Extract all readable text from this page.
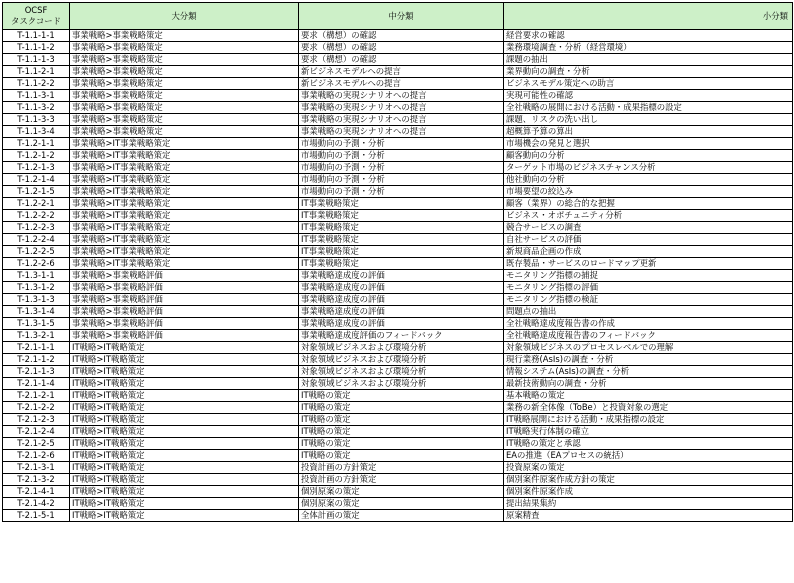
OCSF
タスクコード	大分類	中分類	小分類
T-1.1-1-1	事業戦略>事業戦略策定	要求（構想）の確認	経営要求の確認
T-1.1-1-2	事業戦略>事業戦略策定	要求（構想）の確認	業務環境調査・分析（経営環境）
T-1.1-1-3	事業戦略>事業戦略策定	要求（構想）の確認	課題の抽出
T-1.1-2-1	事業戦略>事業戦略策定	新ビジネスモデルへの提言	業界動向の調査・分析
T-1.1-2-2	事業戦略>事業戦略策定	新ビジネスモデルへの提言	ビジネスモデル策定への助言
T-1.1-3-1	事業戦略>事業戦略策定	事業戦略の実現シナリオへの提言	実現可能性の確認
T-1.1-3-2	事業戦略>事業戦略策定	事業戦略の実現シナリオへの提言	全社戦略の展開における活動・成果指標の設定
T-1.1-3-3	事業戦略>事業戦略策定	事業戦略の実現シナリオへの提言	課題、リスクの洗い出し
T-1.1-3-4	事業戦略>事業戦略策定	事業戦略の実現シナリオへの提言	超概算予算の算出
T-1.2-1-1	事業戦略>IT事業戦略策定	市場動向の予測・分析	市場機会の発見と選択
T-1.2-1-2	事業戦略>IT事業戦略策定	市場動向の予測・分析	顧客動向の分析
T-1.2-1-3	事業戦略>IT事業戦略策定	市場動向の予測・分析	ターゲット市場のビジネスチャンス分析
T-1.2-1-4	事業戦略>IT事業戦略策定	市場動向の予測・分析	他社動向の分析
T-1.2-1-5	事業戦略>IT事業戦略策定	市場動向の予測・分析	市場要望の絞込み
T-1.2-2-1	事業戦略>IT事業戦略策定	IT事業戦略策定	顧客（業界）の総合的な把握
T-1.2-2-2	事業戦略>IT事業戦略策定	IT事業戦略策定	ビジネス・オポチュニティ分析
T-1.2-2-3	事業戦略>IT事業戦略策定	IT事業戦略策定	競合サービスの調査
T-1.2-2-4	事業戦略>IT事業戦略策定	IT事業戦略策定	自社サービスの評価
T-1.2-2-5	事業戦略>IT事業戦略策定	IT事業戦略策定	新規商品企画の作成
T-1.2-2-6	事業戦略>IT事業戦略策定	IT事業戦略策定	既存製品・サービスのロードマップ更新
T-1.3-1-1	事業戦略>事業戦略評価	事業戦略達成度の評価	モニタリング指標の捕捉
T-1.3-1-2	事業戦略>事業戦略評価	事業戦略達成度の評価	モニタリング指標の評価
T-1.3-1-3	事業戦略>事業戦略評価	事業戦略達成度の評価	モニタリング指標の検証
T-1.3-1-4	事業戦略>事業戦略評価	事業戦略達成度の評価	問題点の抽出
T-1.3-1-5	事業戦略>事業戦略評価	事業戦略達成度の評価	全社戦略達成度報告書の作成
T-1.3-2-1	事業戦略>事業戦略評価	事業戦略達成度評価のフィードバック	全社戦略達成度報告書のフィードバック
T-2.1-1-1	IT戦略>IT戦略策定	対象領域ビジネスおよび環境分析	対象領域ビジネスのプロセスレベルでの理解
T-2.1-1-2	IT戦略>IT戦略策定	対象領域ビジネスおよび環境分析	現行業務(AsIs)の調査・分析
T-2.1-1-3	IT戦略>IT戦略策定	対象領域ビジネスおよび環境分析	情報システム(AsIs)の調査・分析
T-2.1-1-4	IT戦略>IT戦略策定	対象領域ビジネスおよび環境分析	最新技術動向の調査・分析
T-2.1-2-1	IT戦略>IT戦略策定	IT戦略の策定	基本戦略の策定
T-2.1-2-2	IT戦略>IT戦略策定	IT戦略の策定	業務の新全体像（ToBe）と投資対象の選定
T-2.1-2-3	IT戦略>IT戦略策定	IT戦略の策定	IT戦略展開における活動・成果指標の設定
T-2.1-2-4	IT戦略>IT戦略策定	IT戦略の策定	IT戦略実行体制の確立
T-2.1-2-5	IT戦略>IT戦略策定	IT戦略の策定	IT戦略の策定と承認
T-2.1-2-6	IT戦略>IT戦略策定	IT戦略の策定	EAの推進（EAプロセスの統括）
T-2.1-3-1	IT戦略>IT戦略策定	投資計画の方針策定	投資原案の策定
T-2.1-3-2	IT戦略>IT戦略策定	投資計画の方針策定	個別案件原案作成方針の策定
T-2.1-4-1	IT戦略>IT戦略策定	個別原案の策定	個別案件原案作成
T-2.1-4-2	IT戦略>IT戦略策定	個別原案の策定	提出結果集約
T-2.1-5-1	IT戦略>IT戦略策定	全体計画の策定	原案精査
